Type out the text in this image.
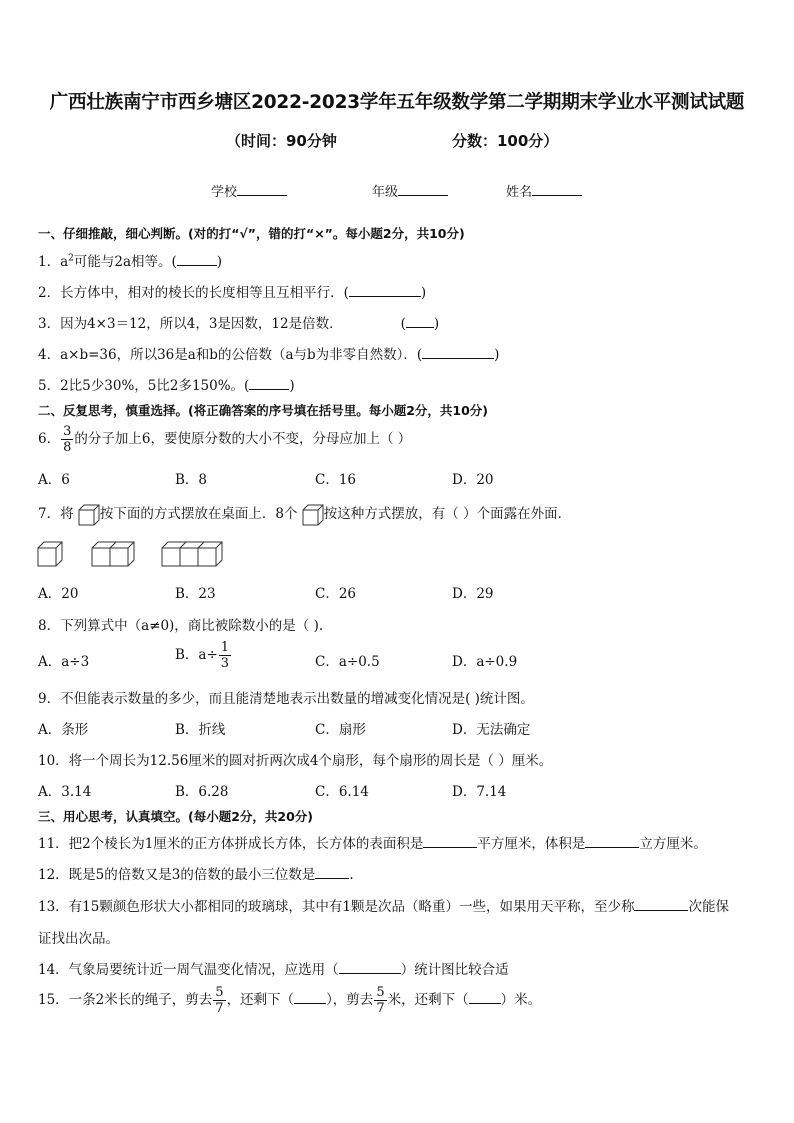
广西壮族南宁市西乡塘区2022-2023学年五年级数学第二学期期末学业水平测试试题
（时间：90分钟	分数：100分）
学校	年级	姓名
一、仔细推敲，细心判断。(对的打“√”，错的打“×”。每小题2分，共10分)
1．$a^2$可能与2a相等。(	)
2．长方体中，相对的棱长的长度相等且互相平行．(	)
3．因为4×3＝12，所以4，3是因数，12是倍数．	( )
4．a×b=36，所以36是a和b的公倍数（a与b为非零自然数）．(	)
5．2比5少30%，5比2多150%。(	)
二、反复思考，慎重选择。(将正确答案的序号填在括号里。每小题2分，共10分)
6． $\frac{3}{8}$ 的分子加上6，要使原分数的大小不变，分母应加上（ ）
A．6	B．8	C．16	D．20
7．将 按下面的方式摆放在桌面上．8个 按这种方式摆放，有（ ）个面露在外面．
A．20	B．23	C．26	D．29
8．下列算式中（a≠0)，商比被除数小的是（ ).
A．a÷3	B．$a\div \frac{1}{3}$	C．a÷0.5	D．a÷0.9
9．不但能表示数量的多少，而且能清楚地表示出数量的增减变化情况是( )统计图。
A．条形	B．折线	C．扇形	D．无法确定
10．将一个周长为12.56厘米的圆对折两次成4个扇形，每个扇形的周长是（ ）厘米。
A．3.14	B．6.28	C．6.14	D．7.14
三、用心思考，认真填空。(每小题2分，共20分)
11．把2个棱长为1厘米的正方体拼成长方体，长方体的表面积是	平方厘米，体积是	立方厘米。
12．既是5的倍数又是3的倍数的最小三位数是	.
13．有15颗颜色形状大小都相同的玻璃球，其中有1颗是次品（略重）一些，如果用天平称，至少称	次能保
证找出次品。
14．气象局要统计近一周气温变化情况，应选用（	）统计图比较合适
15．一条2米长的绳子，剪去 $\frac{5}{7}$ ，还剩下（ ），剪去 $\frac{5}{7}$ 米，还剩下（ ）米。
